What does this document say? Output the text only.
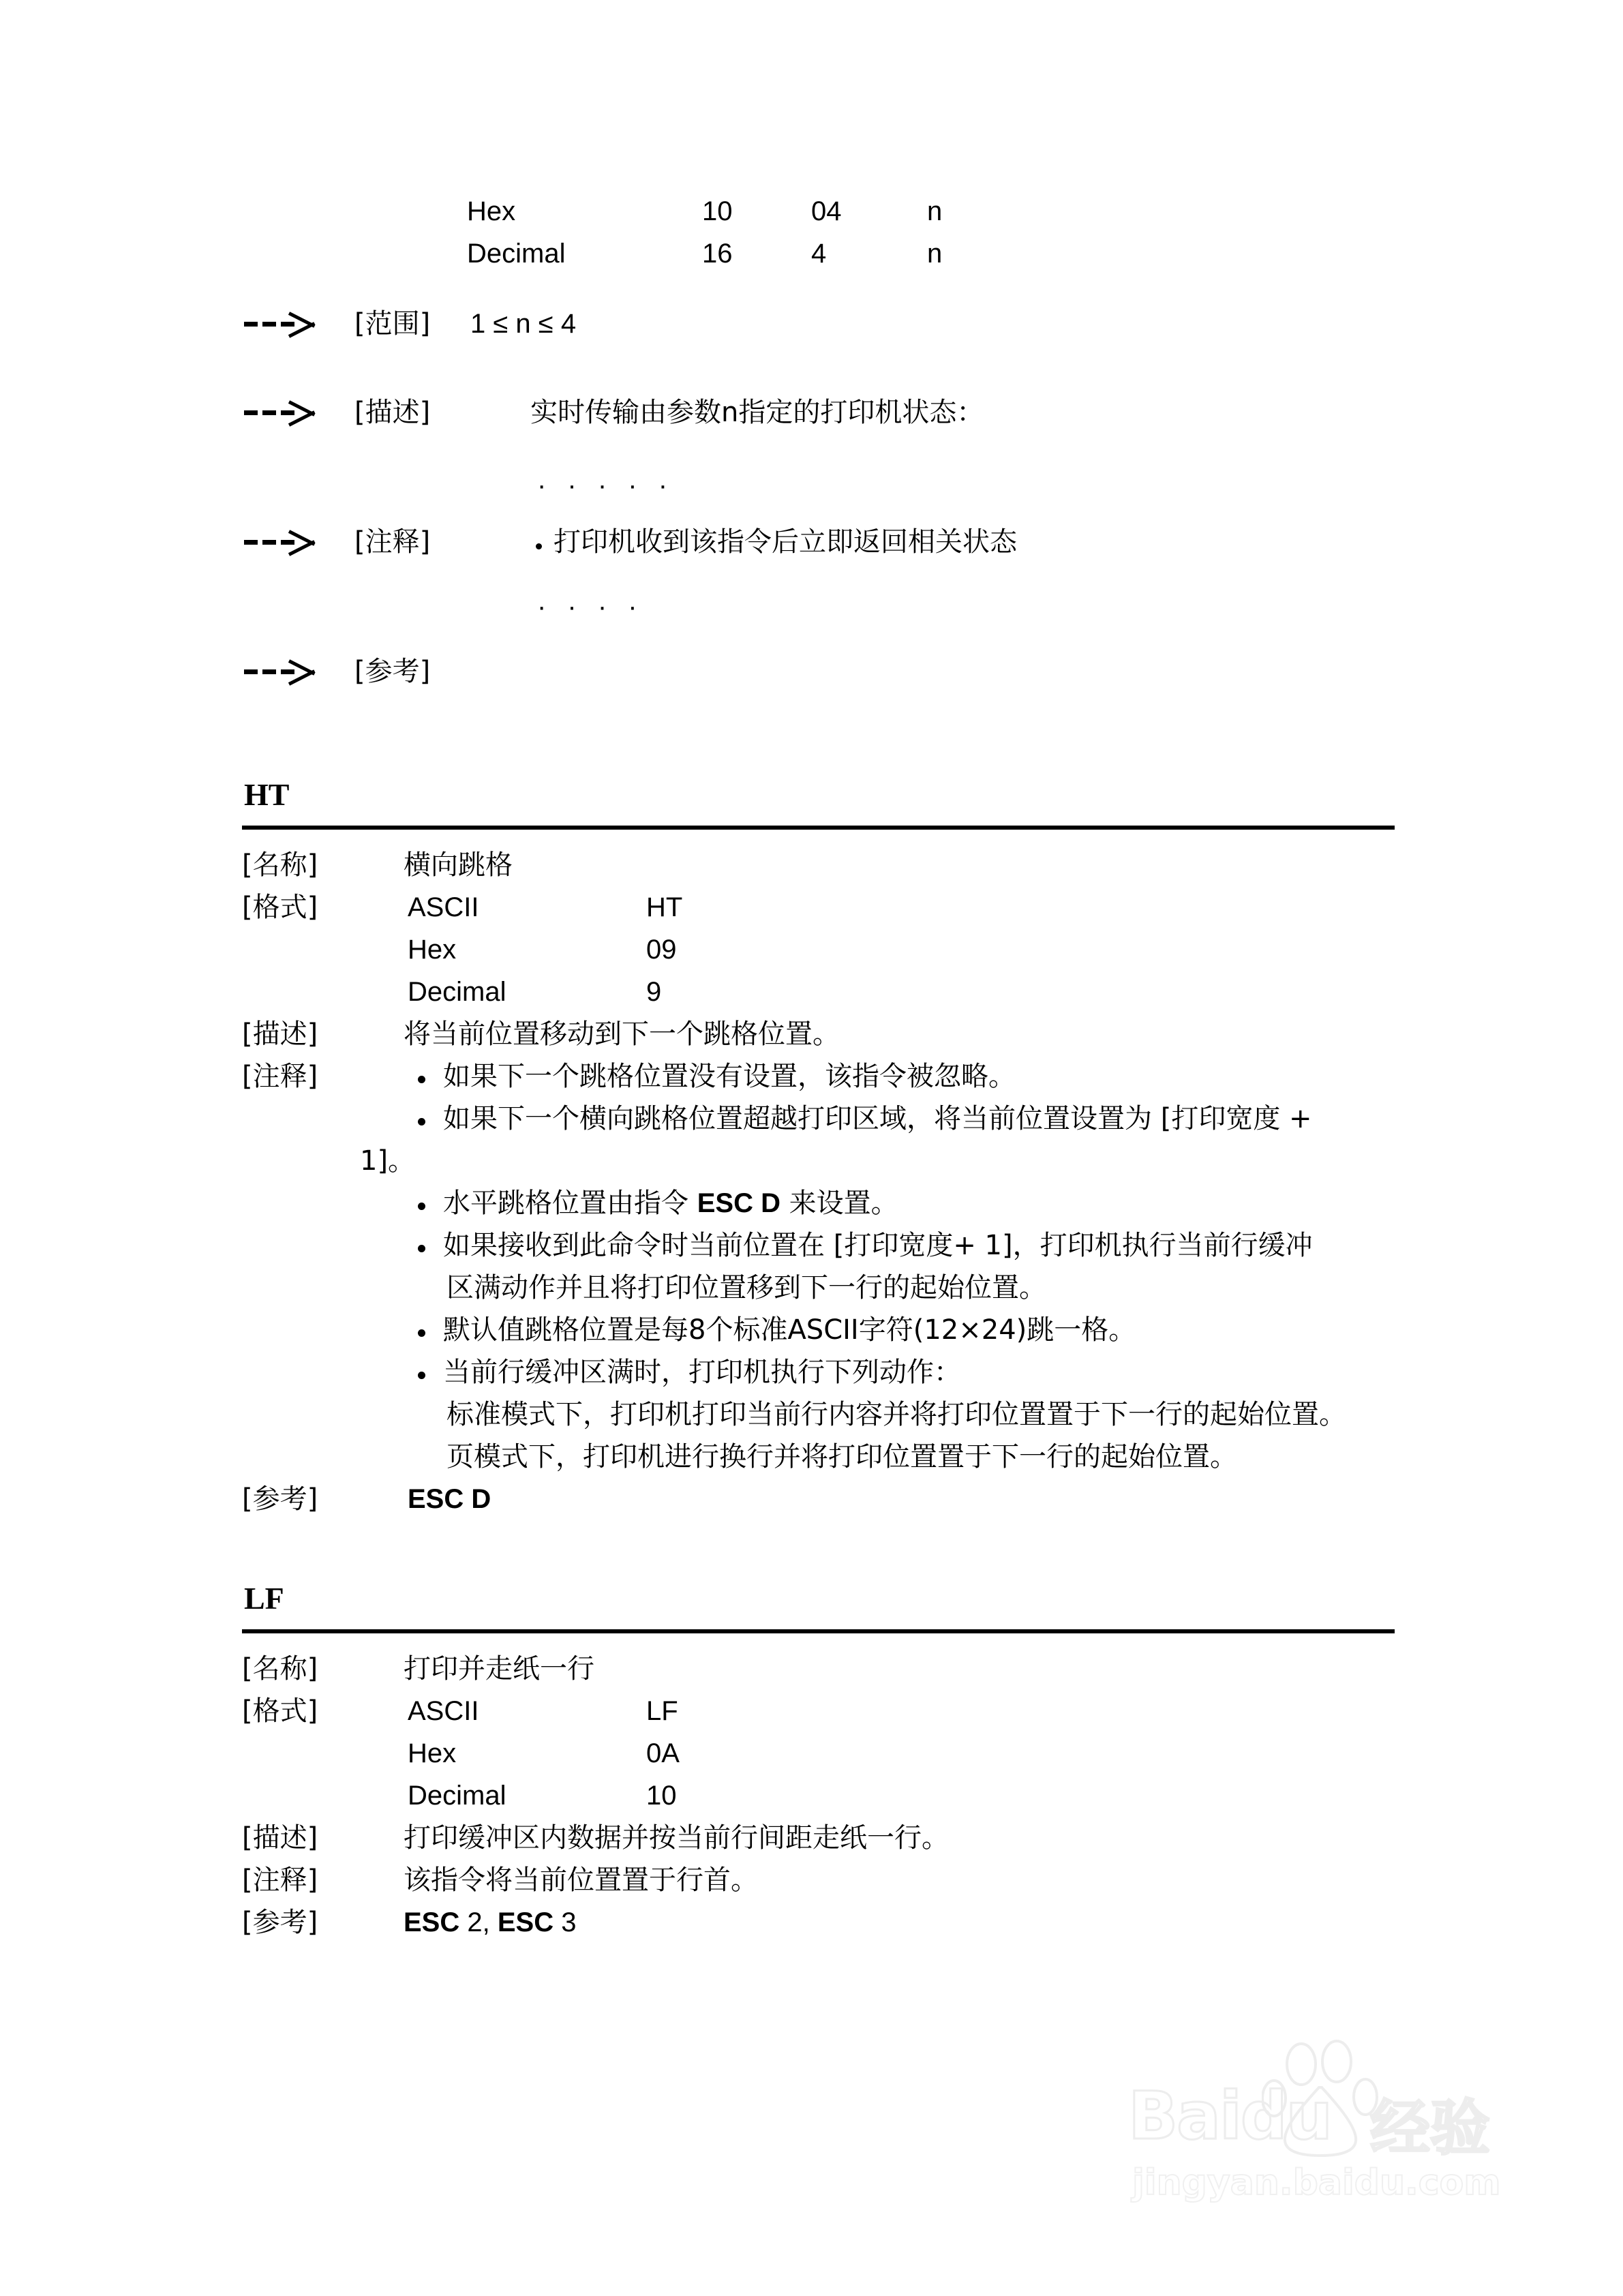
Hex	10	04	n
Decimal	16	4	n
[范围] 1 ≤ n ≤ 4
[描述]	实时传输由参数n指定的打印机状态：
· · · · ·
[注释]	打印机收到该指令后立即返回相关状态
· · · ·
[参考]
HT
[名称]	横向跳格
[格式]	ASCII	HT
Hex	09
Decimal	9
[描述]	将当前位置移动到下一个跳格位置。
[注释]	如果下一个跳格位置没有设置，该指令被忽略。
如果下一个横向跳格位置超越打印区域，将当前位置设置为 [打印宽度 +
1]。
水平跳格位置由指令 ESC D 来设置。
如果接收到此命令时当前位置在 [打印宽度+ 1]，打印机执行当前行缓冲
区满动作并且将打印位置移到下一行的起始位置。
默认值跳格位置是每8个标准ASCII字符(12×24)跳一格。
当前行缓冲区满时，打印机执行下列动作：
标准模式下，打印机打印当前行内容并将打印位置置于下一行的起始位置。
页模式下，打印机进行换行并将打印位置置于下一行的起始位置。
[参考]	ESC D
LF
[名称]	打印并走纸一行
[格式]	ASCII	LF
Hex	0A
Decimal	10
[描述]	打印缓冲区内数据并按当前行间距走纸一行。
[注释]	该指令将当前位置置于行首。
[参考]	ESC 2, ESC 3
Baidu 经验
jingyan.baidu.com
